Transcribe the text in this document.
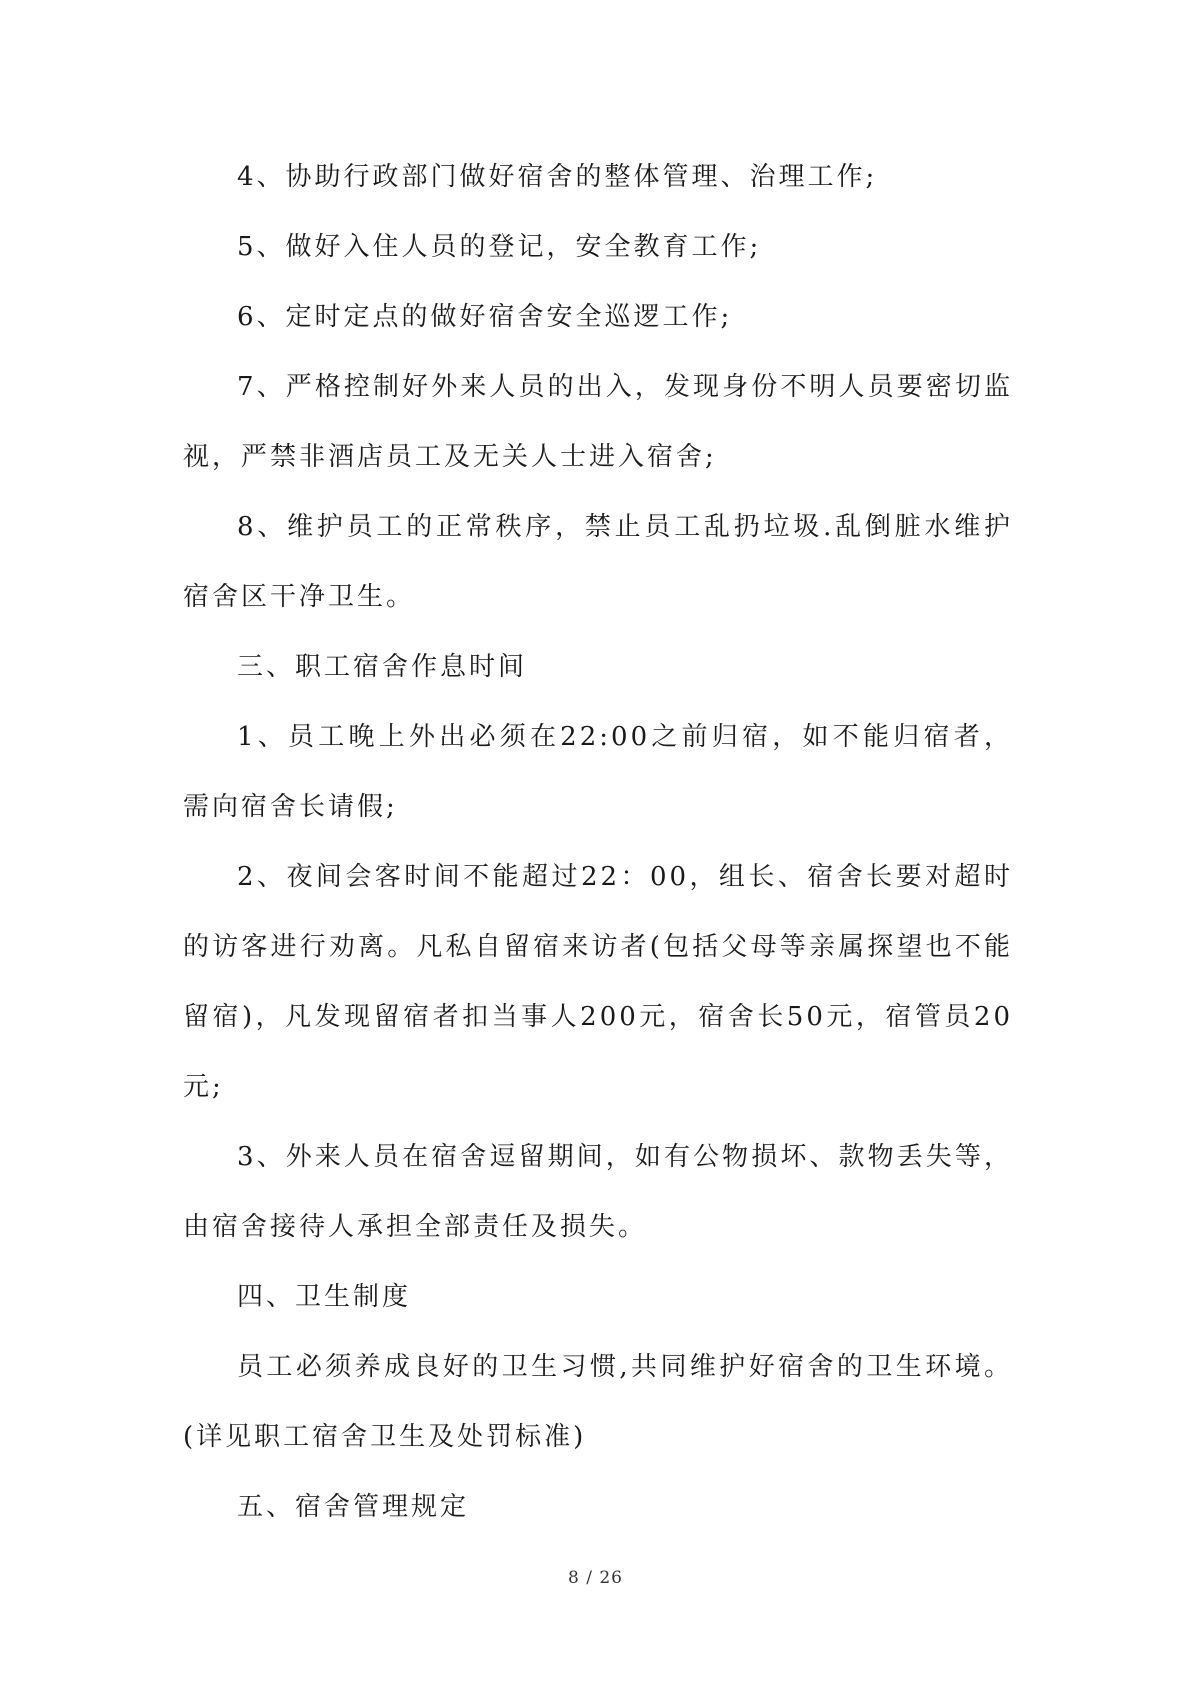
4、协助行政部门做好宿舍的整体管理、治理工作;

5、做好入住人员的登记，安全教育工作;

6、定时定点的做好宿舍安全巡逻工作;

7、严格控制好外来人员的出入，发现身份不明人员要密切监视，严禁非酒店员工及无关人士进入宿舍;

8、维护员工的正常秩序，禁止员工乱扔垃圾.乱倒脏水维护宿舍区干净卫生。

三、职工宿舍作息时间

1、员工晚上外出必须在22:00之前归宿，如不能归宿者，需向宿舍长请假;

2、夜间会客时间不能超过22：00，组长、宿舍长要对超时的访客进行劝离。凡私自留宿来访者(包括父母等亲属探望也不能留宿)，凡发现留宿者扣当事人200元，宿舍长50元，宿管员20元;

3、外来人员在宿舍逗留期间，如有公物损坏、款物丢失等，由宿舍接待人承担全部责任及损失。

四、卫生制度

员工必须养成良好的卫生习惯,共同维护好宿舍的卫生环境。(详见职工宿舍卫生及处罚标准)

五、宿舍管理规定

8 / 26
